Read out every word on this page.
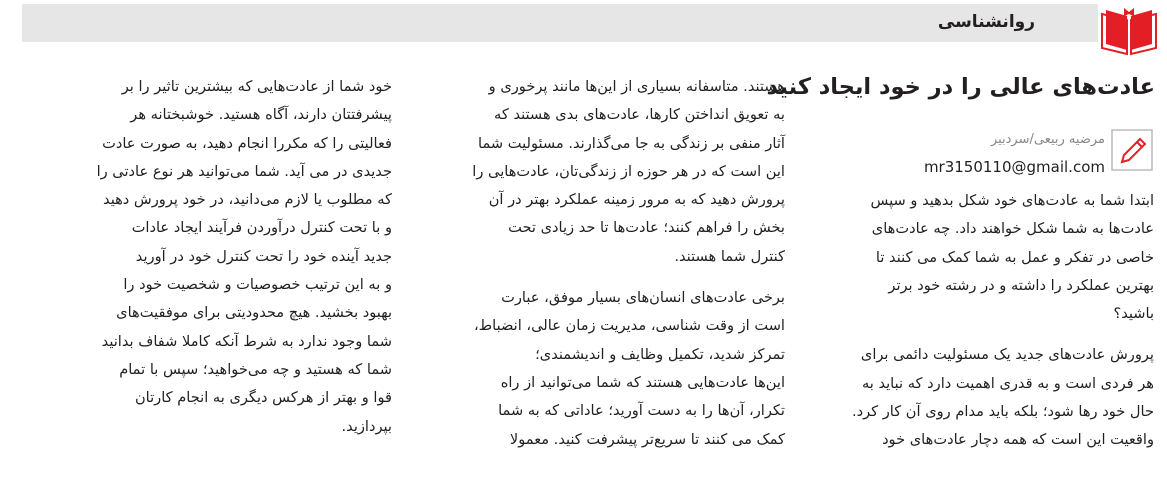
روانشناسی
عادت‌های عالی را در خود ایجاد کنید
مرضیه ربیعی/سردبیر
mr3150110@gmail.com

ابتدا شما به عادت‌های خود شکل بدهید و سپس

عادت‌ها به شما شکل خواهند داد. چه عادت‌های

خاصی در تفکر و عمل به شما کمک می کنند تا

بهترین عملکرد را داشته و در رشته خود برتر

باشید؟

پرورش عادت‌های جدید یک مسئولیت دائمی برای

هر فردی است و به قدری اهمیت دارد که نباید به

حال خود رها شود؛ بلکه باید مدام روی آن کار کرد.

واقعیت این است که همه دچار عادت‌های خود

هستند. متاسفانه بسیاری از این‌ها مانند پرخوری و

به تعویق انداختن کارها، عادت‌های بدی هستند که

آثار منفی بر زندگی به جا می‌گذارند. مسئولیت شما

این است که در هر حوزه از زندگی‌تان، عادت‌هایی را

پرورش دهید که به مرور زمینه عملکرد بهتر در آن

بخش را فراهم کنند؛ عادت‌ها تا حد زیادی تحت

کنترل شما هستند.

برخی عادت‌های انسان‌های بسیار موفق، عبارت

است از وقت شناسی، مدیریت زمان عالی، انضباط،

تمرکز شدید، تکمیل وظایف و اندیشمندی؛

این‌ها عادت‌هایی هستند که شما می‌توانید از راه

تکرار، آن‌ها را به دست آورید؛ عاداتی که به شما

کمک می کنند تا سریع‌تر پیشرفت کنید. معمولا

خود شما از عادت‌هایی که بیشترین تاثیر را بر

پیشرفتتان دارند، آگاه هستید. خوشبختانه هر

فعالیتی را که مکررا انجام دهید، به صورت عادت

جدیدی در می آید. شما می‌توانید هر نوع عادتی را

که مطلوب یا لازم می‌دانید، در خود پرورش دهید

و با تحت کنترل درآوردن فرآیند ایجاد عادات

جدید آینده خود را تحت کنترل خود در آورید

و به این ترتیب خصوصیات و شخصیت خود را

بهبود بخشید. هیچ محدودیتی برای موفقیت‌های

شما وجود ندارد به شرط آنکه کاملا شفاف بدانید

شما که هستید و چه می‌خواهید؛ سپس با تمام

قوا و بهتر از هرکس دیگری به انجام کارتان

بپردازید.
